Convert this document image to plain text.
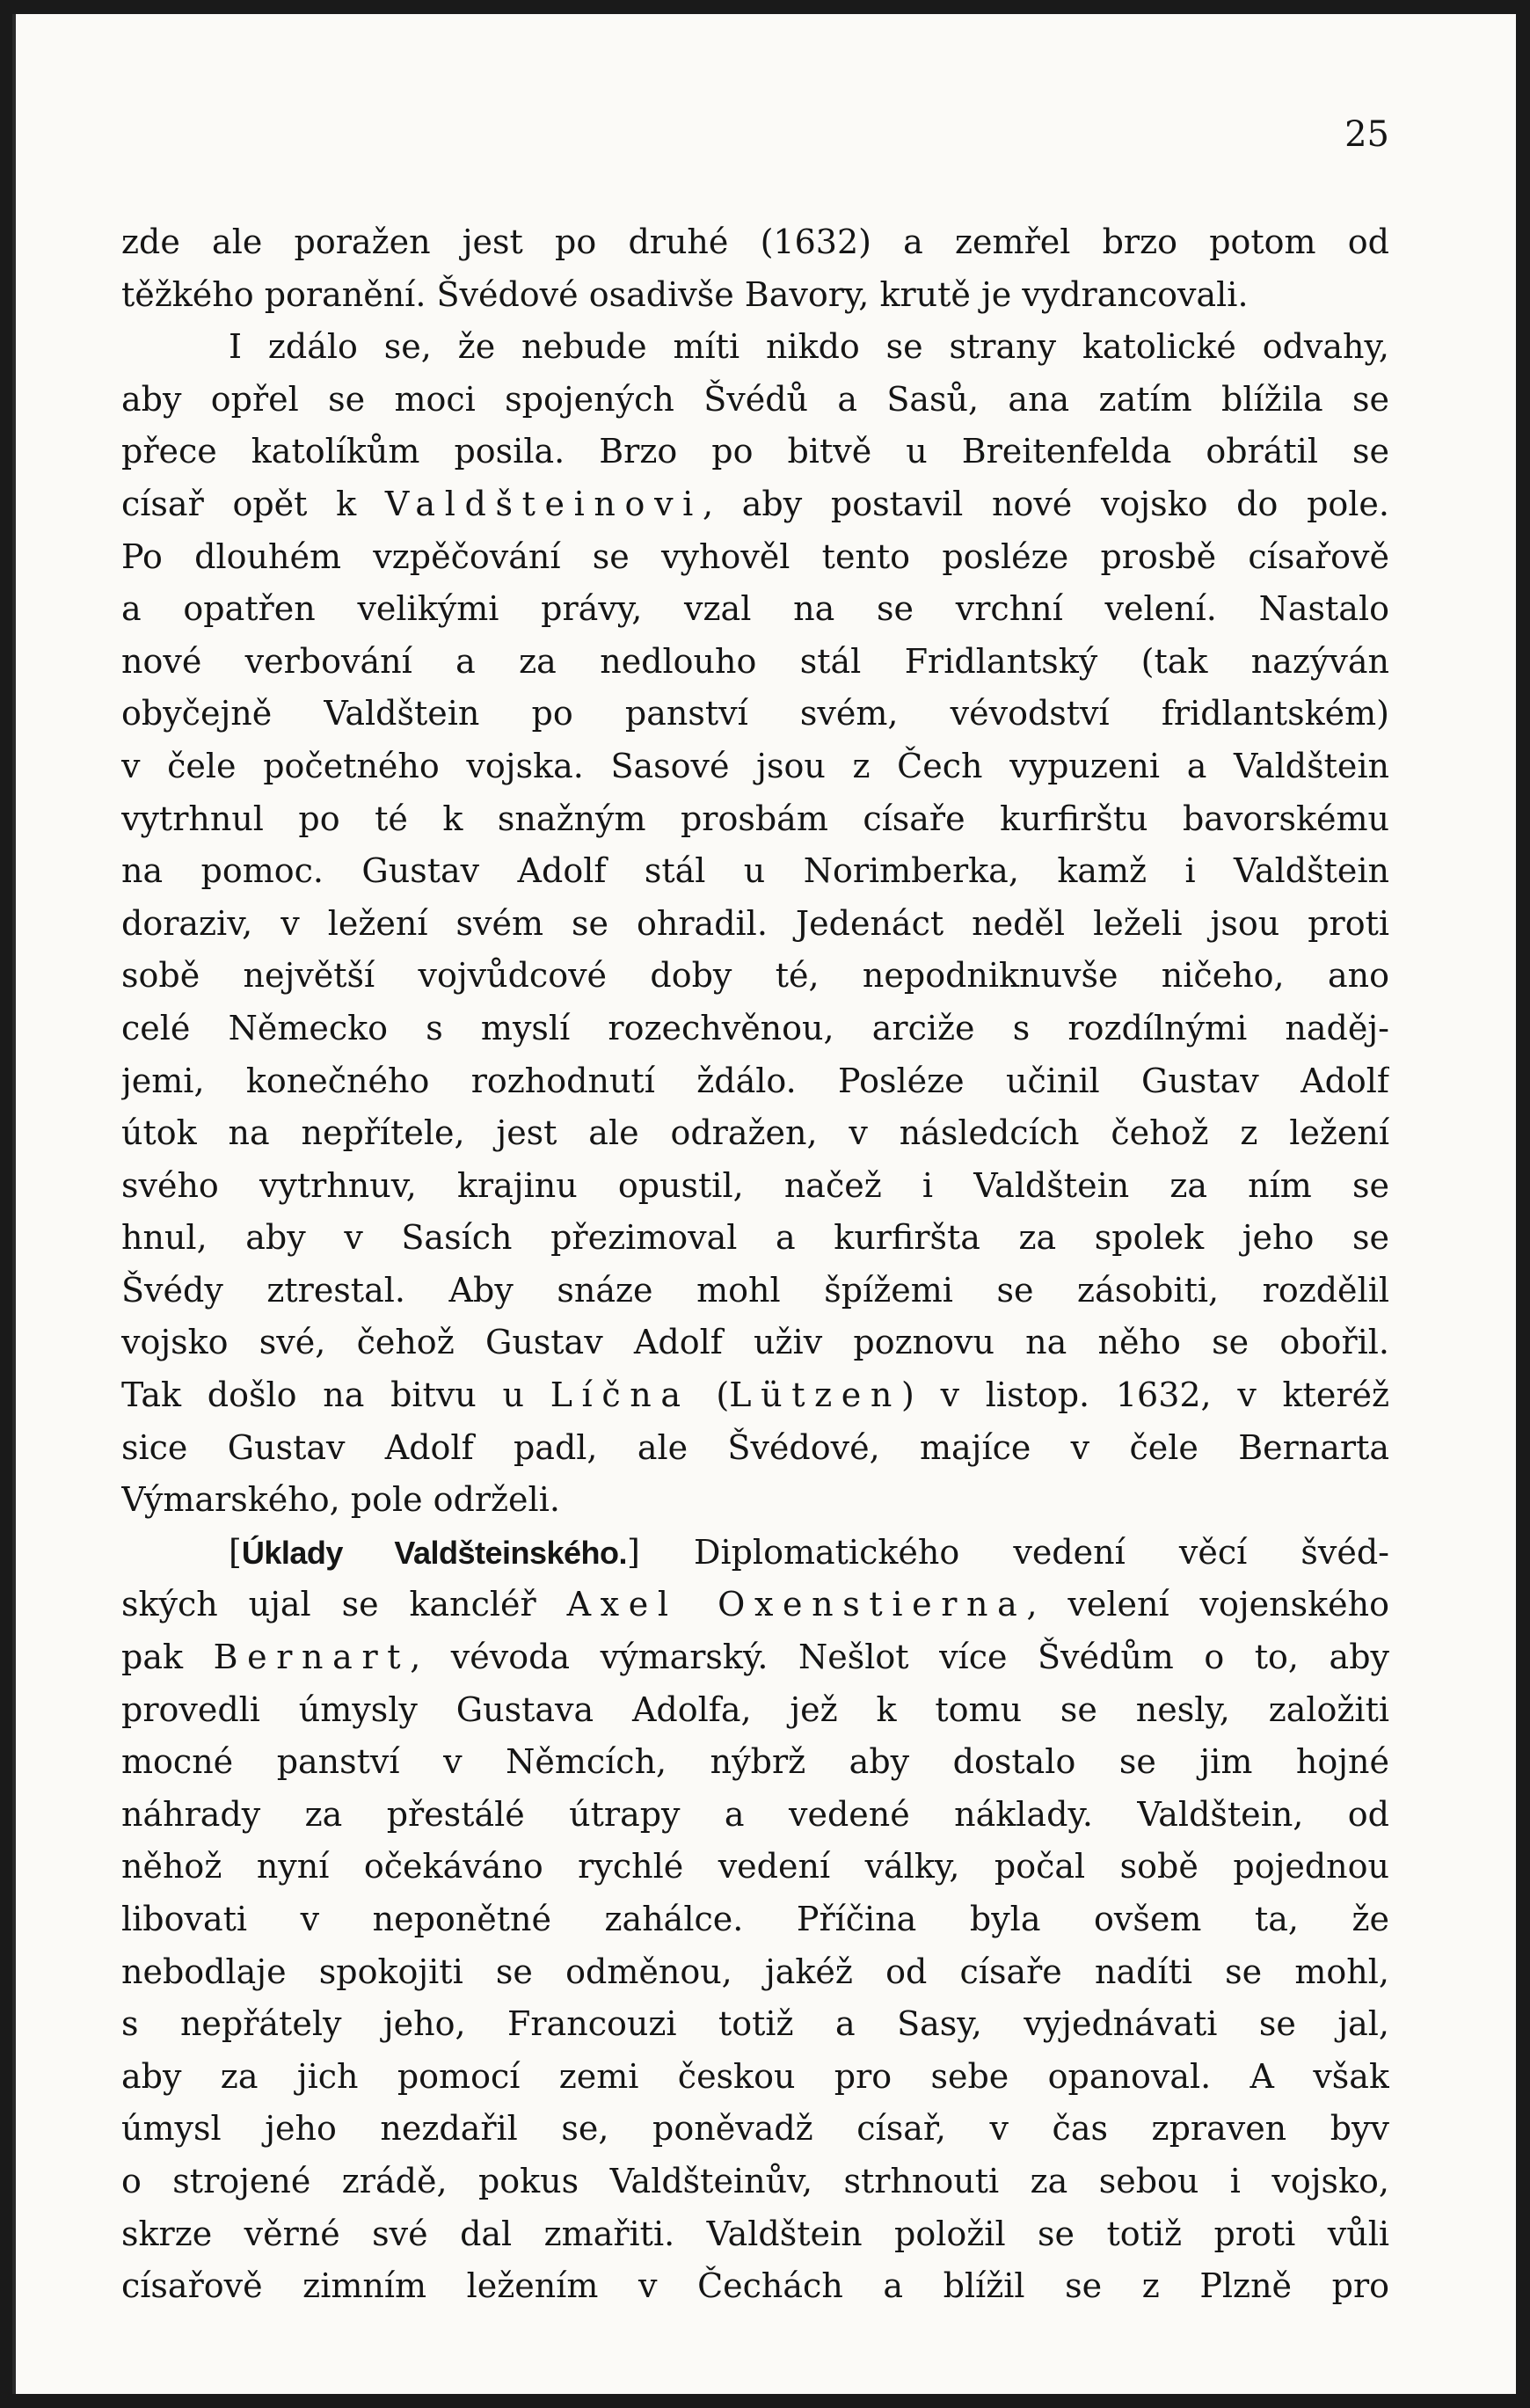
25
zde ale poražen jest po druhé (1632) a zemřel brzo potom od
těžkého poranění. Švédové osadivše Bavory, krutě je vydrancovali.
I zdálo se, že nebude míti nikdo se strany katolické odvahy,
aby opřel se moci spojených Švédů a Sasů, ana zatím blížila se
přece katolíkům posila. Brzo po bitvě u Breitenfelda obrátil se
císař opět k Valdšteinovi, aby postavil nové vojsko do pole.
Po dlouhém vzpěčování se vyhověl tento posléze prosbě císařově
a opatřen velikými právy, vzal na se vrchní velení. Nastalo
nové verbování a za nedlouho stál Fridlantský (tak nazýván
obyčejně Valdštein po panství svém, vévodství fridlantském)
v čele početného vojska. Sasové jsou z Čech vypuzeni a Valdštein
vytrhnul po té k snažným prosbám císaře kurfirštu bavorskému
na pomoc. Gustav Adolf stál u Norimberka, kamž i Valdštein
doraziv, v ležení svém se ohradil. Jedenáct neděl leželi jsou proti
sobě největší vojvůdcové doby té, nepodniknuvše ničeho, ano
celé Německo s myslí rozechvěnou, arciže s rozdílnými naděj-
jemi, konečného rozhodnutí ždálo. Posléze učinil Gustav Adolf
útok na nepřítele, jest ale odražen, v následcích čehož z ležení
svého vytrhnuv, krajinu opustil, načež i Valdštein za ním se
hnul, aby v Sasích přezimoval a kurfiršta za spolek jeho se
Švédy ztrestal. Aby snáze mohl špížemi se zásobiti, rozdělil
vojsko své, čehož Gustav Adolf uživ poznovu na něho se obořil.
Tak došlo na bitvu u Líčna (Lützen) v listop. 1632, v kteréž
sice Gustav Adolf padl, ale Švédové, majíce v čele Bernarta
Výmarského, pole održeli.
[Úklady Valdšteinského.] Diplomatického vedení věcí švéd-
ských ujal se kancléř Axel Oxenstierna, velení vojenského
pak Bernart, vévoda výmarský. Nešlot více Švédům o to, aby
provedli úmysly Gustava Adolfa, jež k tomu se nesly, založiti
mocné panství v Němcích, nýbrž aby dostalo se jim hojné
náhrady za přestálé útrapy a vedené náklady. Valdštein, od
něhož nyní očekáváno rychlé vedení války, počal sobě pojednou
libovati v neponětné zahálce. Příčina byla ovšem ta, že
nebodlaje spokojiti se odměnou, jakéž od císaře nadíti se mohl,
s nepřátely jeho, Francouzi totiž a Sasy, vyjednávati se jal,
aby za jich pomocí zemi českou pro sebe opanoval. A však
úmysl jeho nezdařil se, poněvadž císař, v čas zpraven byv
o strojené zrádě, pokus Valdšteinův, strhnouti za sebou i vojsko,
skrze věrné své dal zmařiti. Valdštein položil se totiž proti vůli
císařově zimním ležením v Čechách a blížil se z Plzně pro
